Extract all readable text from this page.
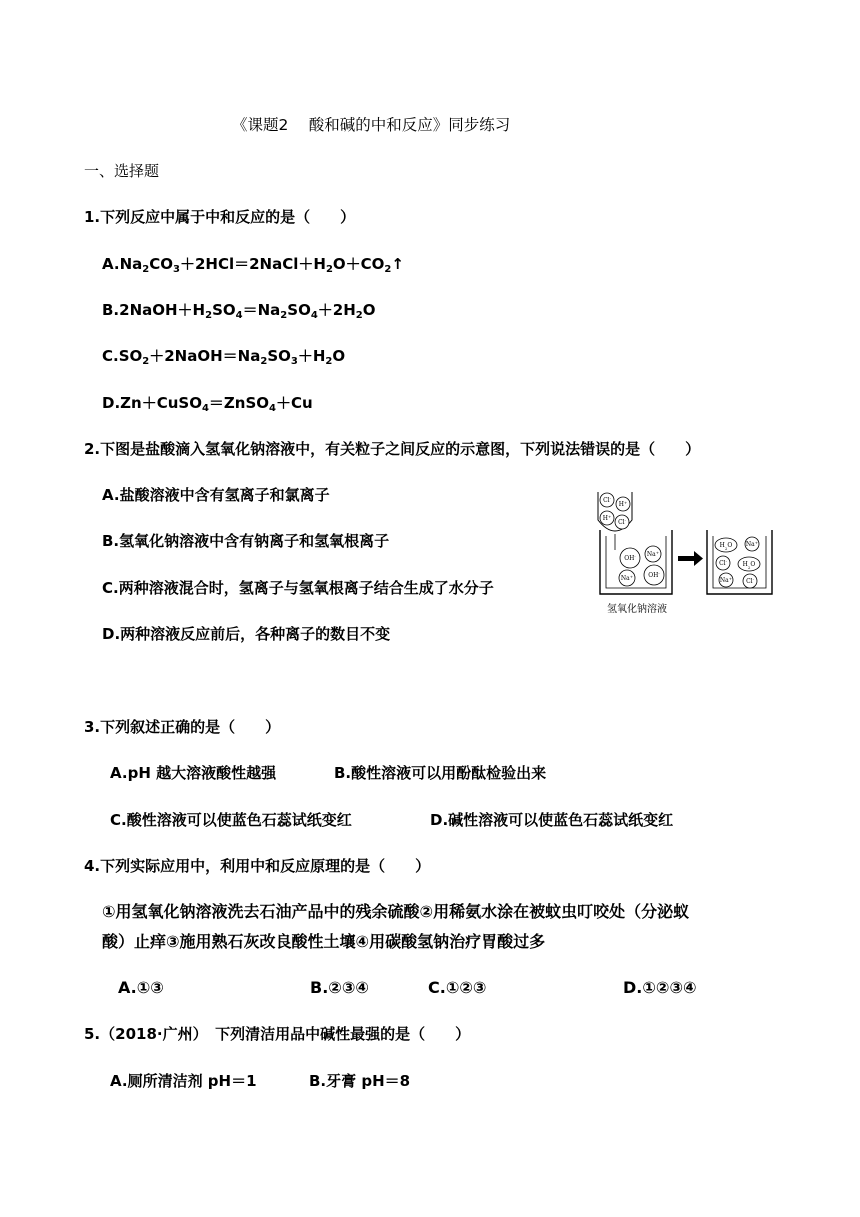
《课题2　 酸和碱的中和反应》同步练习
一、选择题
1.下列反应中属于中和反应的是（　　）
$A.Na_2CO_3+2HCl=2NaCl+H_2O+CO_2↑$
$B.2NaOH+H_2SO_4=Na_2SO_4+2H_2O$
$C.SO_2+2NaOH=Na_2SO_3+H_2O$
D.Zn＋CuSO$_4$＝ZnSO$_4$＋Cu
2.下图是盐酸滴入氢氧化钠溶液中，有关粒子之间反应的示意图，下列说法错误的是（　　）
A.盐酸溶液中含有氢离子和氯离子
B.氢氧化钠溶液中含有钠离子和氢氧根离子
C.两种溶液混合时，氢离子与氢氧根离子结合生成了水分子
D.两种溶液反应前后，各种离子的数目不变
Cl-
H+
H+
Cl-
OH- Na+
Na+	OH-
$H_2O$ Na+
Cl-	$H_2O$
Na+ Cl-
氢氧化钠溶液
3.下列叙述正确的是（　　）
A.pH 越大溶液酸性越强	B.酸性溶液可以用酚酞检验出来
C.酸性溶液可以使蓝色石蕊试纸变红	D.碱性溶液可以使蓝色石蕊试纸变红
4.下列实际应用中，利用中和反应原理的是（　　）
①用氢氧化钠溶液洗去石油产品中的残余硫酸②用稀氨水涂在被蚊虫叮咬处（分泌蚁
酸）止痒③施用熟石灰改良酸性土壤④用碳酸氢钠治疗胃酸过多
A.①③	B.②③④	C.①②③	D.①②③④
5.（2018·广州）　下列清洁用品中碱性最强的是（　　）
A.厕所清洁剂 pH＝1	B.牙膏 pH＝8
